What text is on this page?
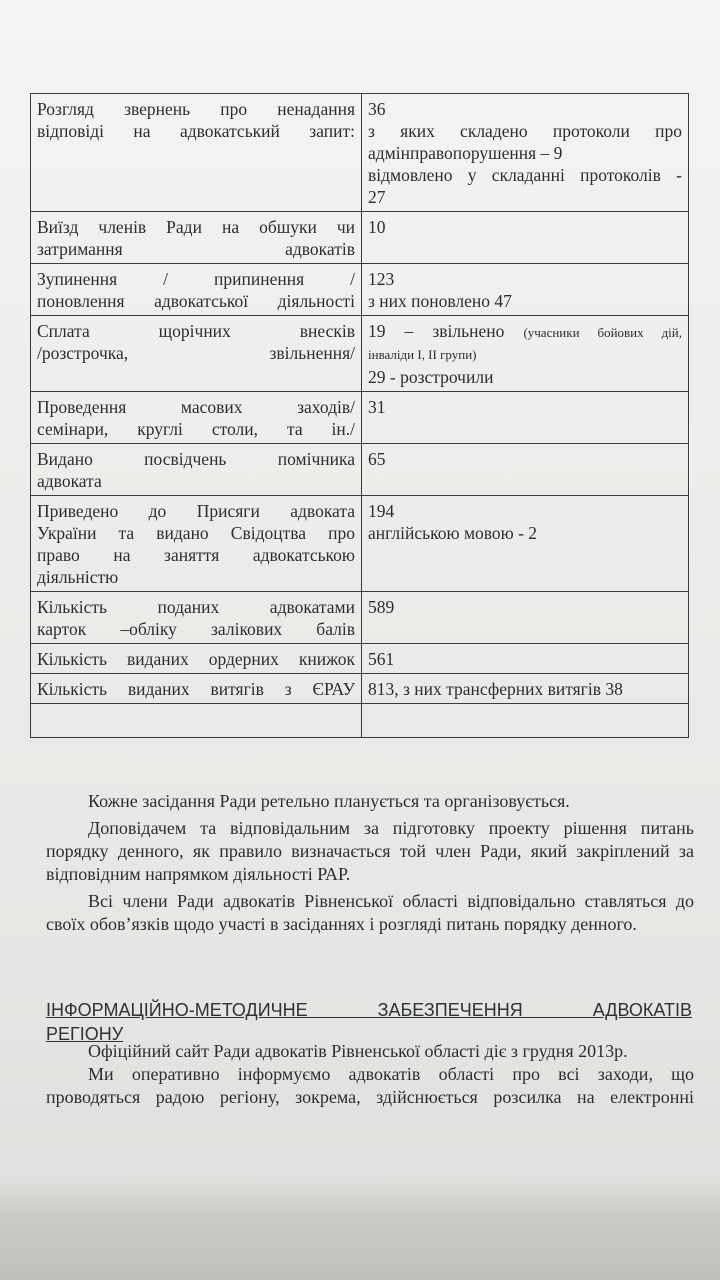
Розгляд звернень про ненадання
відповіді на адвокатський запит:	36
з яких складено протоколи про
адмінправопорушення – 9
відмовлено у складанні протоколів -
27

Виїзд членів Ради на обшуки чи
затримання адвокатів	10

Зупинення / припинення /
поновлення адвокатської діяльності	123
з них поновлено 47

Сплата щорічних внесків
/розстрочка, звільнення/	19 – звільнено (учасники бойових дій,
інваліди І, ІІ групи)
29 - розстрочили

Проведення масових заходів/
семінари, круглі столи, та ін./	31

Видано посвідчень помічника
адвоката	65

Приведено до Присяги адвоката
України та видано Свідоцтва про
право на заняття адвокатською
діяльністю	194
англійською мовою - 2

Кількість поданих адвокатами
карток –обліку залікових балів	589

Кількість виданих ордерних книжок	561

Кількість виданих витягів з ЄРАУ	813, з них трансферних витягів 38

Кожне засідання Ради ретельно планується та організовується.

Доповідачем та відповідальним за підготовку проекту рішення питань порядку денного, як правило визначається той член Ради, який закріплений за відповідним напрямком діяльності РАР.

Всі члени Ради адвокатів Рівненської області відповідально ставляться до своїх обов’язків щодо участі в засіданнях і розгляді питань порядку денного.

ІНФОРМАЦІЙНО-МЕТОДИЧНЕ ЗАБЕЗПЕЧЕННЯ АДВОКАТІВ
РЕГІОНУ

Офіційний сайт Ради адвокатів Рівненської області діє з грудня 2013р.

Ми оперативно інформуємо адвокатів області про всі заходи, що

проводяться радою регіону, зокрема, здійснюється розсилка на електронні
